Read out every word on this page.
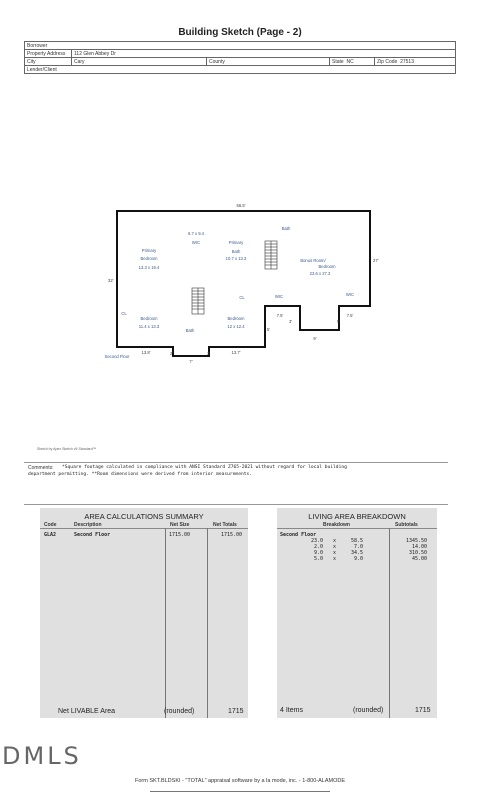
Building Sketch (Page - 2)
Borrower				
Property Address	112 Glen Abbey Dr			
City	Cary	County	State NC	Zip Code 27513
Lender/Client				
56.5'
27'
32'
13.8'	13.7'
7'
7.5'	7.5'
9'
3'	5'
2'	3'
5'
6.7 x 9.4
WIC
Primary
Bedroom
13.3 x 19.4
Primary
Bath
10.7 x 13.3
Bath
Bonus Room/
Bedroom
23.6 x 27.3
CL
CL	WIC	WIC
Bedroom
11.4 x 13.3
Bath
Bedroom
12 x 12.4
Second Floor
Sketch by Apex Sketch v5 Standard™
Comments: *Square footage calculated in compliance with ANSI Standard Z765-2021 without regard for local building
department permitting. **Room dimensions were derived from interior measurements.
AREA CALCULATIONS SUMMARY
Code	Description	Net Size	Net Totals
GLA2	Second Floor	1715.00	1715.00
Net LIVABLE Area	(rounded)	1715
LIVING AREA BREAKDOWN
Breakdown	Subtotals
Second Floor
23.0 x	58.5	1345.50
2.0 x	7.0	14.00
9.0 x	34.5	310.50
5.0 x	9.0	45.00
4 Items	(rounded)	1715
DMLS
Form SKT.BLDSKI - "TOTAL" appraisal software by a la mode, inc. - 1-800-ALAMODE
